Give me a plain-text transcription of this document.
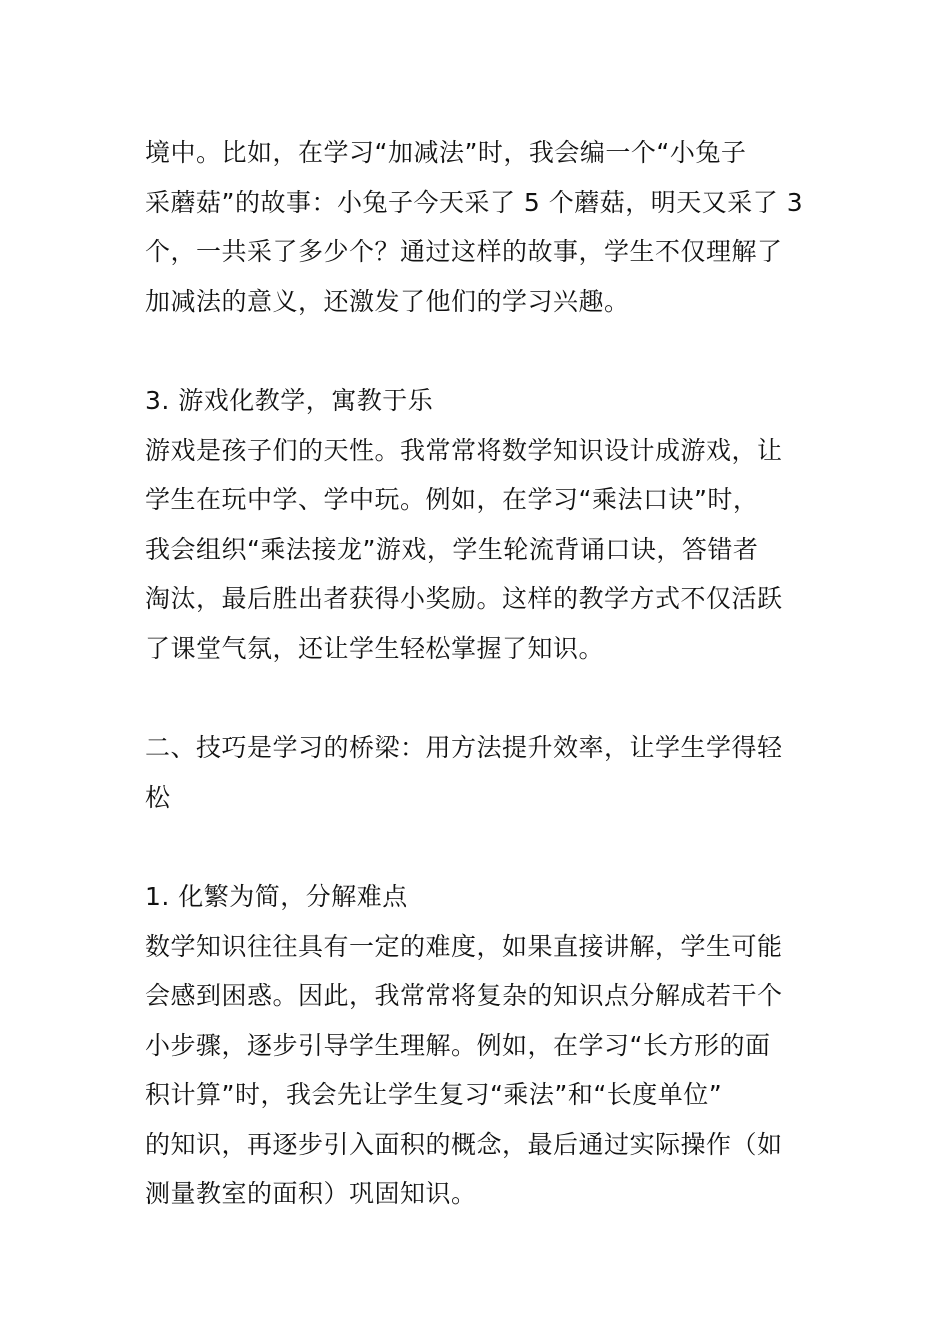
境中。比如，在学习“加减法”时，我会编一个“小兔子
采蘑菇”的故事：小兔子今天采了 5 个蘑菇，明天又采了 3
个，一共采了多少个？通过这样的故事，学生不仅理解了
加减法的意义，还激发了他们的学习兴趣。
3. 游戏化教学，寓教于乐
游戏是孩子们的天性。我常常将数学知识设计成游戏，让
学生在玩中学、学中玩。例如，在学习“乘法口诀”时，
我会组织“乘法接龙”游戏，学生轮流背诵口诀，答错者
淘汰，最后胜出者获得小奖励。这样的教学方式不仅活跃
了课堂气氛，还让学生轻松掌握了知识。
二、技巧是学习的桥梁：用方法提升效率，让学生学得轻
松
1. 化繁为简，分解难点
数学知识往往具有一定的难度，如果直接讲解，学生可能
会感到困惑。因此，我常常将复杂的知识点分解成若干个
小步骤，逐步引导学生理解。例如，在学习“长方形的面
积计算”时，我会先让学生复习“乘法”和“长度单位”
的知识，再逐步引入面积的概念，最后通过实际操作（如
测量教室的面积）巩固知识。
